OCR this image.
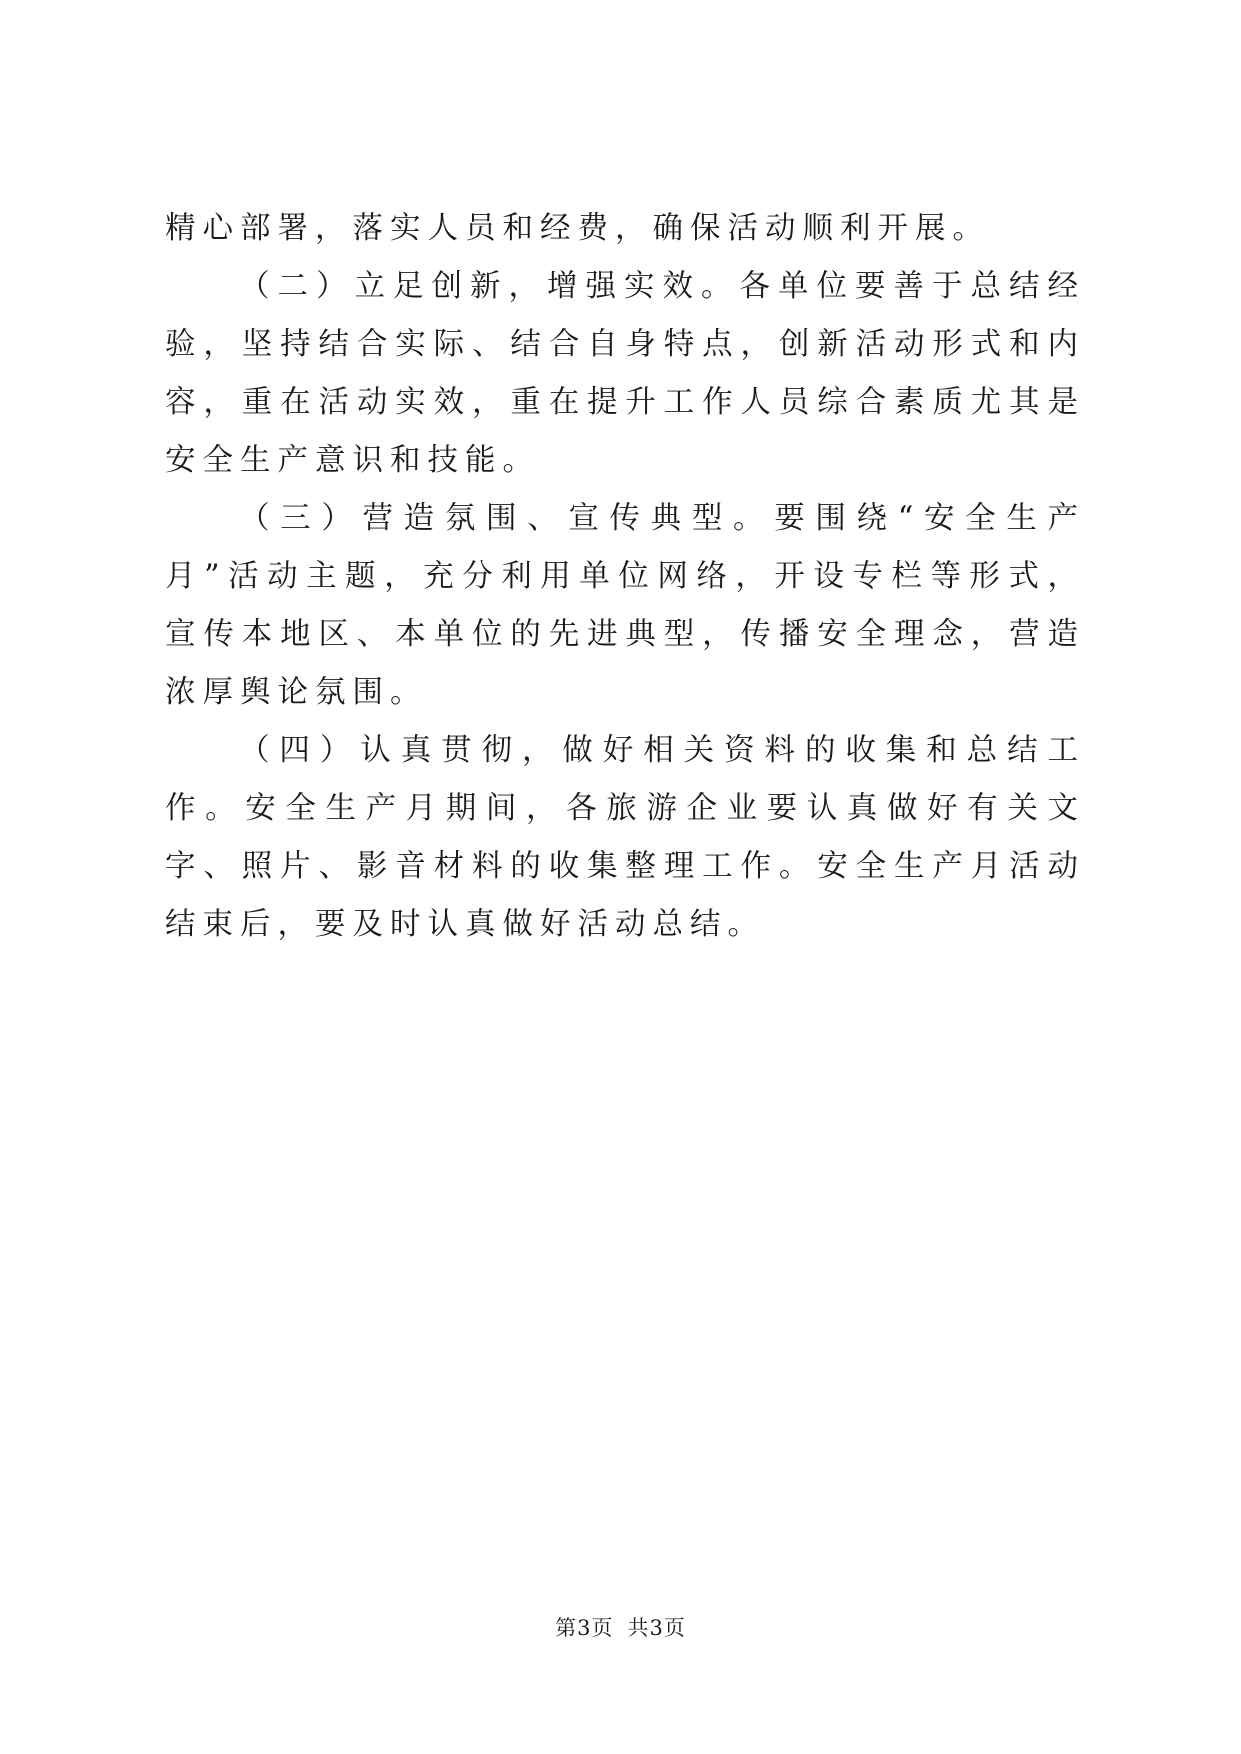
精心部署，落实人员和经费，确保活动顺利开展。

（二）立足创新，增强实效。各单位要善于总结经验，坚持结合实际、结合自身特点，创新活动形式和内容，重在活动实效，重在提升工作人员综合素质尤其是安全生产意识和技能。

（三）营造氛围、宣传典型。要围绕“安全生产月”活动主题，充分利用单位网络，开设专栏等形式，宣传本地区、本单位的先进典型，传播安全理念，营造浓厚舆论氛围。

（四）认真贯彻，做好相关资料的收集和总结工作。安全生产月期间，各旅游企业要认真做好有关文字、照片、影音材料的收集整理工作。安全生产月活动结束后，要及时认真做好活动总结。

第3页 共3页
